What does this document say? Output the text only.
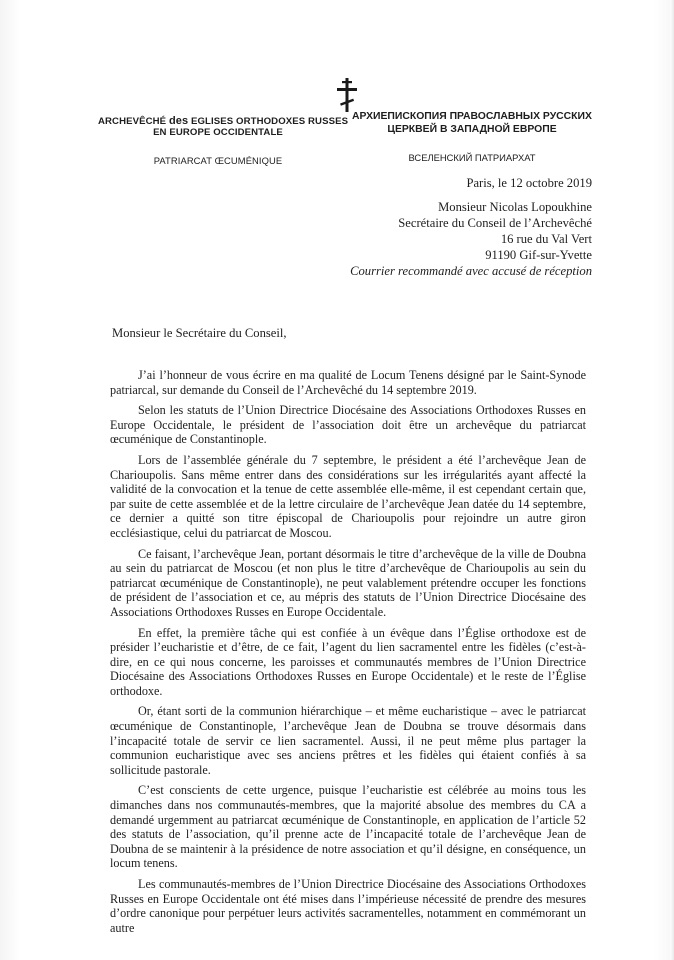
ARCHEVÊCHÉ des EGLISES ORTHODOXES RUSSES
EN EUROPE OCCIDENTALE
PATRIARCAT ŒCUMÉNIQUE
АРХИЕПИСКОПИЯ ПРАВОСЛАВНЫХ РУССКИХ
ЦЕРКВЕЙ В ЗАПАДНОЙ ЕВРОПЕ
ВСЕЛЕНСКИЙ ПАТРИАРХАТ
Paris, le 12 octobre 2019
Monsieur Nicolas Lopoukhine
Secrétaire du Conseil de l’Archevêché
16 rue du Val Vert
91190 Gif-sur-Yvette
Courrier recommandé avec accusé de réception
Monsieur le Secrétaire du Conseil,

J’ai l’honneur de vous écrire en ma qualité de Locum Tenens désigné par le Saint-Synode patriarcal, sur demande du Conseil de l’Archevêché du 14 septembre 2019.

Selon les statuts de l’Union Directrice Diocésaine des Associations Orthodoxes Russes en Europe Occidentale, le président de l’association doit être un archevêque du patriarcat œcuménique de Constantinople.

Lors de l’assemblée générale du 7 septembre, le président a été l’archevêque Jean de Charioupolis. Sans même entrer dans des considérations sur les irrégularités ayant affecté la validité de la convocation et la tenue de cette assemblée elle-même, il est cependant certain que, par suite de cette assemblée et de la lettre circulaire de l’archevêque Jean datée du 14 septembre, ce dernier a quitté son titre épiscopal de Charioupolis pour rejoindre un autre giron ecclésiastique, celui du patriarcat de Moscou.

Ce faisant, l’archevêque Jean, portant désormais le titre d’archevêque de la ville de Doubna au sein du patriarcat de Moscou (et non plus le titre d’archevêque de Charioupolis au sein du patriarcat œcuménique de Constantinople), ne peut valablement prétendre occuper les fonctions de président de l’association et ce, au mépris des statuts de l’Union Directrice Diocésaine des Associations Orthodoxes Russes en Europe Occidentale.

En effet, la première tâche qui est confiée à un évêque dans l’Église orthodoxe est de présider l’eucharistie et d’être, de ce fait, l’agent du lien sacramentel entre les fidèles (c’est-à-dire, en ce qui nous concerne, les paroisses et communautés membres de l’Union Directrice Diocésaine des Associations Orthodoxes Russes en Europe Occidentale) et le reste de l’Église orthodoxe.

Or, étant sorti de la communion hiérarchique – et même eucharistique – avec le patriarcat œcuménique de Constantinople, l’archevêque Jean de Doubna se trouve désormais dans l’incapacité totale de servir ce lien sacramentel. Aussi, il ne peut même plus partager la communion eucharistique avec ses anciens prêtres et les fidèles qui étaient confiés à sa sollicitude pastorale.

C’est conscients de cette urgence, puisque l’eucharistie est célébrée au moins tous les dimanches dans nos communautés-membres, que la majorité absolue des membres du CA a demandé urgemment au patriarcat œcuménique de Constantinople, en application de l’article 52 des statuts de l’association, qu’il prenne acte de l’incapacité totale de l’archevêque Jean de Doubna de se maintenir à la présidence de notre association et qu’il désigne, en conséquence, un locum tenens.

Les communautés-membres de l’Union Directrice Diocésaine des Associations Orthodoxes Russes en Europe Occidentale ont été mises dans l’impérieuse nécessité de prendre des mesures d’ordre canonique pour perpétuer leurs activités sacramentelles, notamment en commémorant un autre
